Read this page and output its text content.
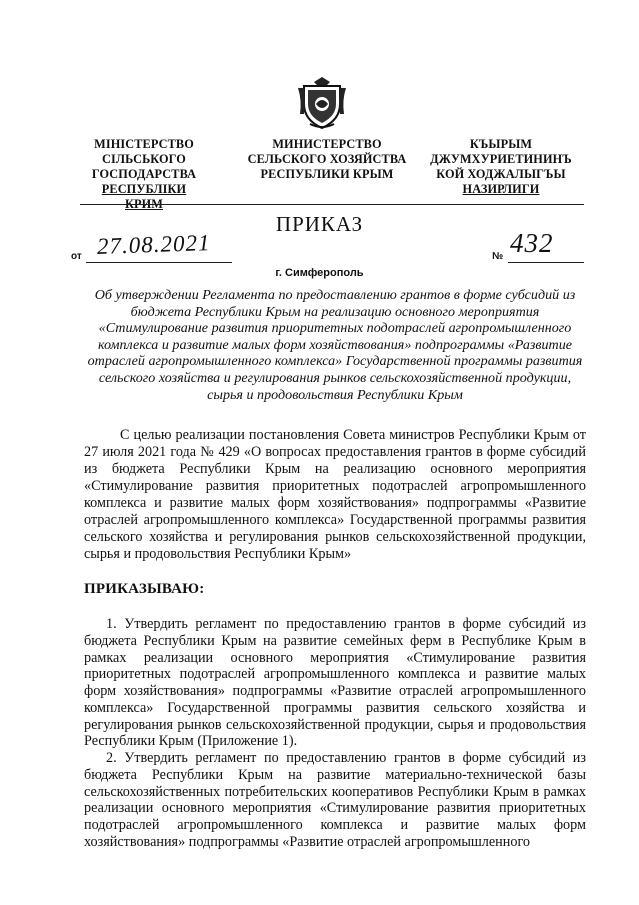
МІНІСТЕРСТВО
СІЛЬСЬКОГО
ГОСПОДАРСТВА
РЕСПУБЛІКИ КРИМ
МИНИСТЕРСТВО
СЕЛЬСКОГО ХОЗЯЙСТВА
РЕСПУБЛИКИ КРЫМ
КЪЫРЫМ
ДЖУМХУРИЕТИНИНЪ
КОЙ ХОДЖАЛЫГЪЫ
НАЗИРЛИГИ
ПРИКАЗ
от 27.08.2021	№ 432
г. Симферополь
Об утверждении Регламента по предоставлению грантов в форме субсидий из бюджета Республики Крым на реализацию основного мероприятия «Стимулирование развития приоритетных подотраслей агропромышленного комплекса и развитие малых форм хозяйствования» подпрограммы «Развитие отраслей агропромышленного комплекса» Государственной программы развития сельского хозяйства и регулирования рынков сельскохозяйственной продукции, сырья и продовольствия Республики Крым
С целью реализации постановления Совета министров Республики Крым от 27 июля 2021 года № 429 «О вопросах предоставления грантов в форме субсидий из бюджета Республики Крым на реализацию основного мероприятия «Стимулирование развития приоритетных подотраслей агропромышленного комплекса и развитие малых форм хозяйствования» подпрограммы «Развитие отраслей агропромышленного комплекса» Государственной программы развития сельского хозяйства и регулирования рынков сельскохозяйственной продукции, сырья и продовольствия Республики Крым»
ПРИКАЗЫВАЮ:

1. Утвердить регламент по предоставлению грантов в форме субсидий из бюджета Республики Крым на развитие семейных ферм в Республике Крым в рамках реализации основного мероприятия «Стимулирование развития приоритетных подотраслей агропромышленного комплекса и развитие малых форм хозяйствования» подпрограммы «Развитие отраслей агропромышленного комплекса» Государственной программы развития сельского хозяйства и регулирования рынков сельскохозяйственной продукции, сырья и продовольствия Республики Крым (Приложение 1).

2. Утвердить регламент по предоставлению грантов в форме субсидий из бюджета Республики Крым на развитие материально-технической базы сельскохозяйственных потребительских кооперативов Республики Крым в рамках реализации основного мероприятия «Стимулирование развития приоритетных подотраслей агропромышленного комплекса и развитие малых форм хозяйствования» подпрограммы «Развитие отраслей агропромышленного
